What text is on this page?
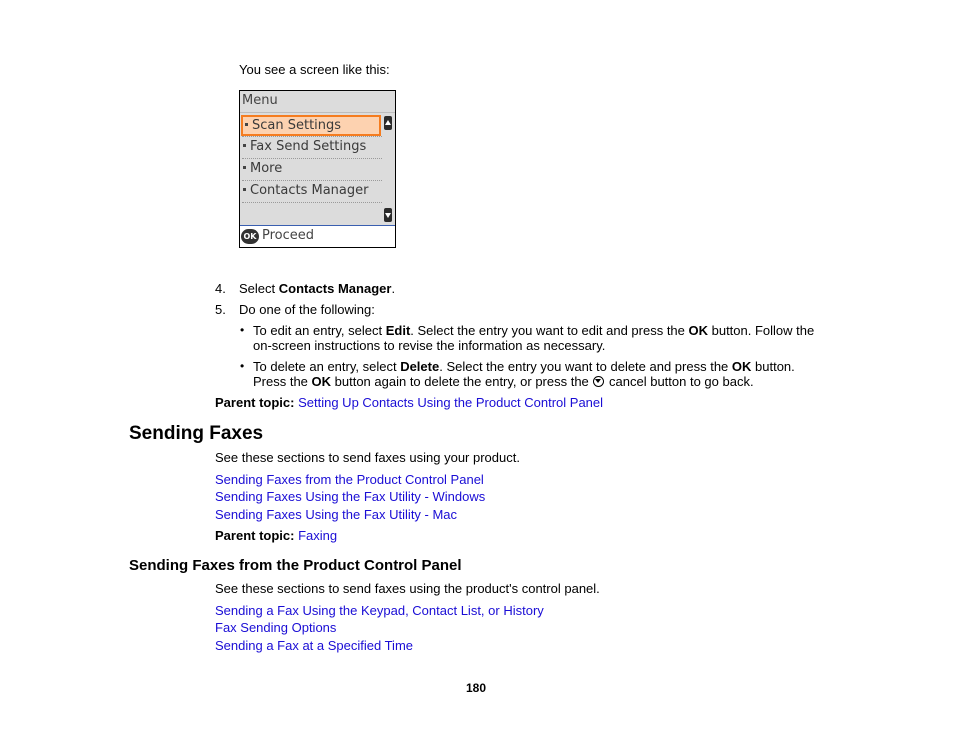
You see a screen like this:
Menu
Scan Settings
Fax Send Settings
More
Contacts Manager
OK Proceed
4. Select Contacts Manager.
5. Do one of the following:
• To edit an entry, select Edit. Select the entry you want to edit and press the OK button. Follow the
on-screen instructions to revise the information as necessary.
• To delete an entry, select Delete. Select the entry you want to delete and press the OK button.
Press the OK button again to delete the entry, or press the  cancel button to go back.
Parent topic: Setting Up Contacts Using the Product Control Panel
Sending Faxes
See these sections to send faxes using your product.
Sending Faxes from the Product Control Panel
Sending Faxes Using the Fax Utility - Windows
Sending Faxes Using the Fax Utility - Mac
Parent topic: Faxing
Sending Faxes from the Product Control Panel
See these sections to send faxes using the product's control panel.
Sending a Fax Using the Keypad, Contact List, or History
Fax Sending Options
Sending a Fax at a Specified Time
180
